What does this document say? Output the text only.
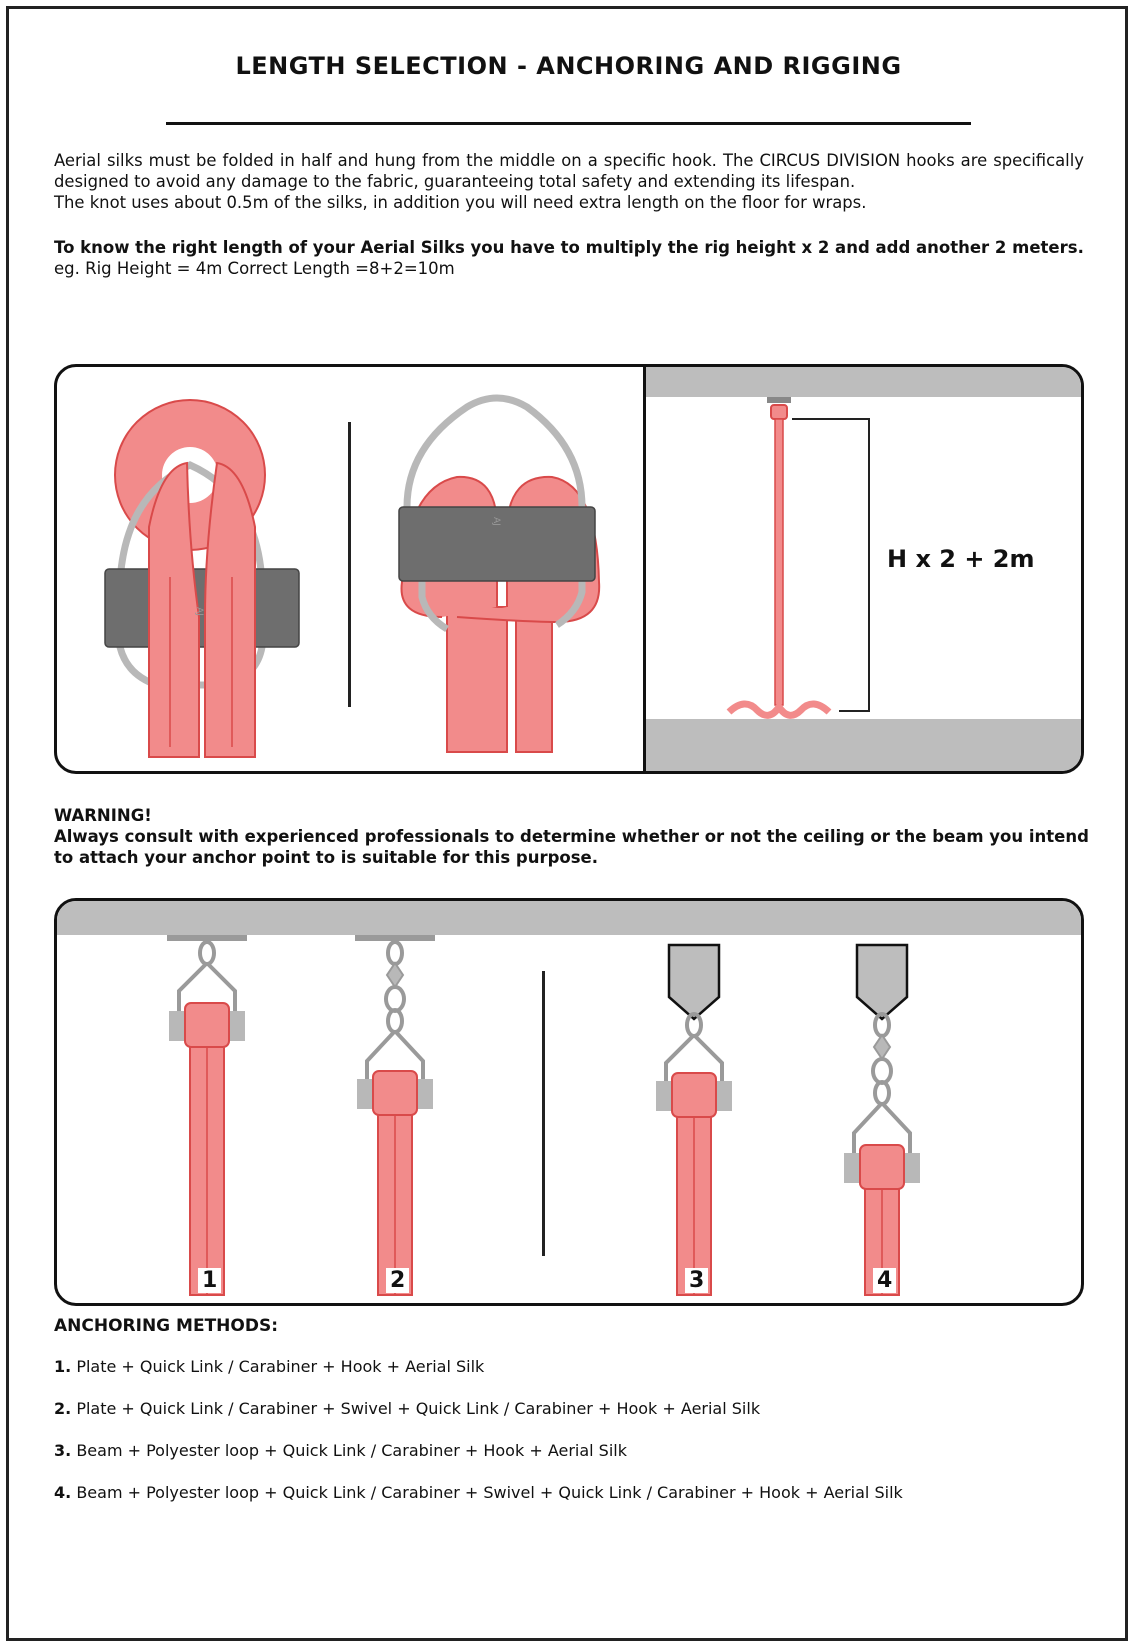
LENGTH SELECTION - ANCHORING AND RIGGING

Aerial silks must be folded in half and hung from the middle on a specific hook. The CIRCUS DIVISION hooks are specifically designed to avoid any damage to the fabric, guaranteeing total safety and extending its lifespan.

The knot uses about 0.5m of the silks, in addition you will need extra length on the floor for wraps.

To know the right length of your Aerial Silks you have to multiply the rig height x 2 and add another 2 meters.
eg. Rig Height = 4m Correct Length =8+2=10m
AJ
AJ
H x 2 + 2m
WARNING!
Always consult with experienced professionals to determine whether or not the ceiling or the beam you intend to attach your anchor point to is suitable for this purpose.
1	2	3	4
ANCHORING METHODS:
1. Plate + Quick Link / Carabiner + Hook + Aerial Silk
2. Plate + Quick Link / Carabiner + Swivel + Quick Link / Carabiner + Hook + Aerial Silk
3. Beam + Polyester loop + Quick Link / Carabiner + Hook + Aerial Silk
4. Beam + Polyester loop + Quick Link / Carabiner + Swivel + Quick Link / Carabiner + Hook + Aerial Silk
